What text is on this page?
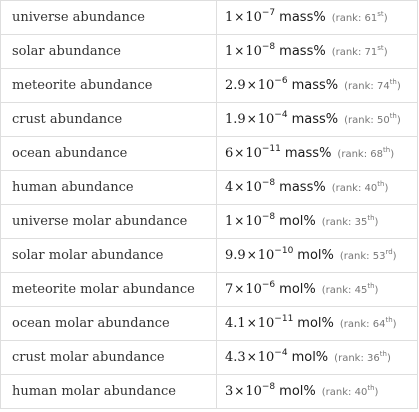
universe abundance	$1\times 10^{-7}$ mass% (rank: 61st)
solar abundance	$1\times 10^{-8}$ mass% (rank: 71st)
meteorite abundance	$2.9\times 10^{-6}$ mass% (rank: 74th)
crust abundance	$1.9\times 10^{-4}$ mass% (rank: 50th)
ocean abundance	$6\times 10^{-11}$ mass% (rank: 68th)
human abundance	$4\times 10^{-8}$ mass% (rank: 40th)
universe molar abundance	$1\times 10^{-8}$ mol% (rank: 35th)
solar molar abundance	$9.9\times 10^{-10}$ mol% (rank: 53rd)
meteorite molar abundance	$7\times 10^{-6}$ mol% (rank: 45th)
ocean molar abundance	$4.1\times 10^{-11}$ mol% (rank: 64th)
crust molar abundance	$4.3\times 10^{-4}$ mol% (rank: 36th)
human molar abundance	$3\times 10^{-8}$ mol% (rank: 40th)
